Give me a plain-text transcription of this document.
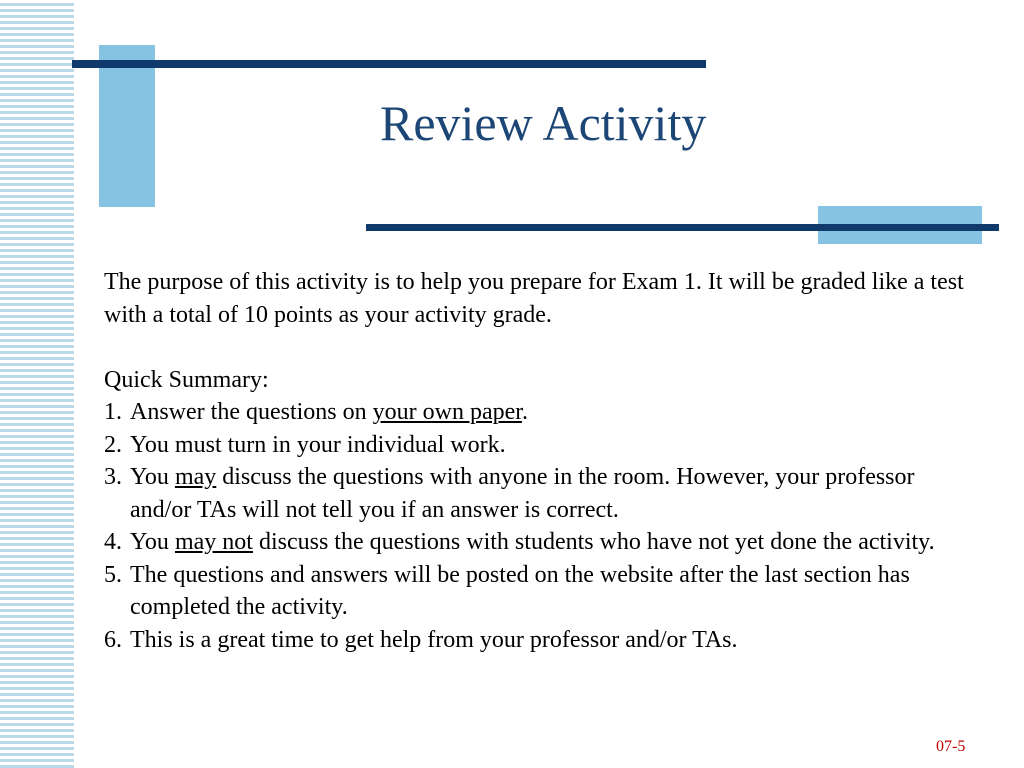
Review Activity

The purpose of this activity is to help you prepare for Exam 1. It will be graded like a test with a total of 10 points as your activity grade.

Quick Summary:

1. Answer the questions on your own paper.
2. You must turn in your individual work.
3. You may discuss the questions with anyone in the room. However, your professor and/or TAs will not tell you if an answer is correct.
4. You may not discuss the questions with students who have not yet done the activity.
5. The questions and answers will be posted on the website after the last section has completed the activity.
6. This is a great time to get help from your professor and/or TAs.
07-5
